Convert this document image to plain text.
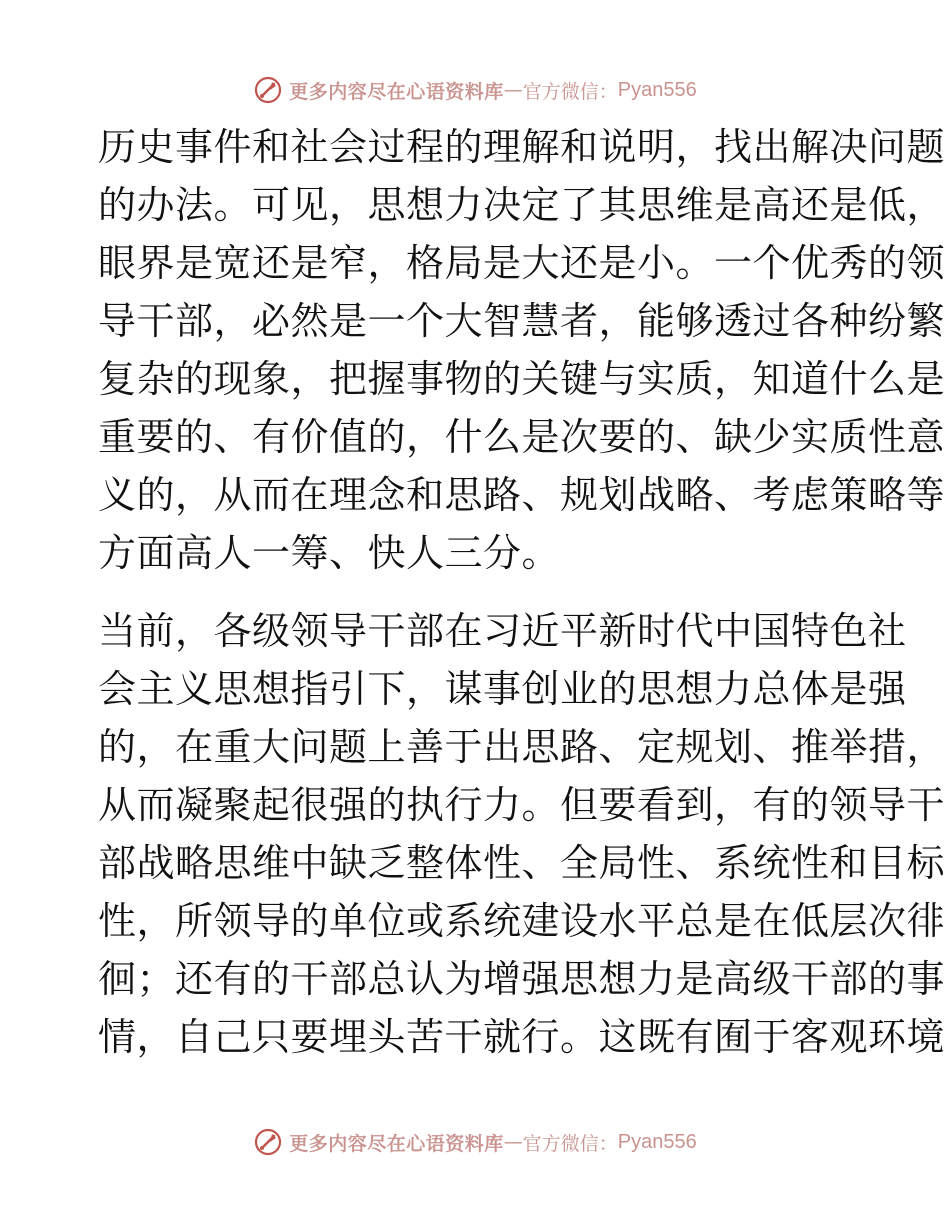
更多内容尽在心语资料库 — 官方微信： Pyan556
历史事件和社会过程的理解和说明，找出解决问题
的办法。可见，思想力决定了其思维是高还是低，
眼界是宽还是窄，格局是大还是小。一个优秀的领
导干部，必然是一个大智慧者，能够透过各种纷繁
复杂的现象，把握事物的关键与实质，知道什么是
重要的、有价值的，什么是次要的、缺少实质性意
义的，从而在理念和思路、规划战略、考虑策略等
方面高人一筹、快人三分。
当前，各级领导干部在习近平新时代中国特色社
会主义思想指引下，谋事创业的思想力总体是强
的，在重大问题上善于出思路、定规划、推举措，
从而凝聚起很强的执行力。但要看到，有的领导干
部战略思维中缺乏整体性、全局性、系统性和目标
性，所领导的单位或系统建设水平总是在低层次徘
徊；还有的干部总认为增强思想力是高级干部的事
情，自己只要埋头苦干就行。这既有囿于客观环境
更多内容尽在心语资料库 — 官方微信： Pyan556
